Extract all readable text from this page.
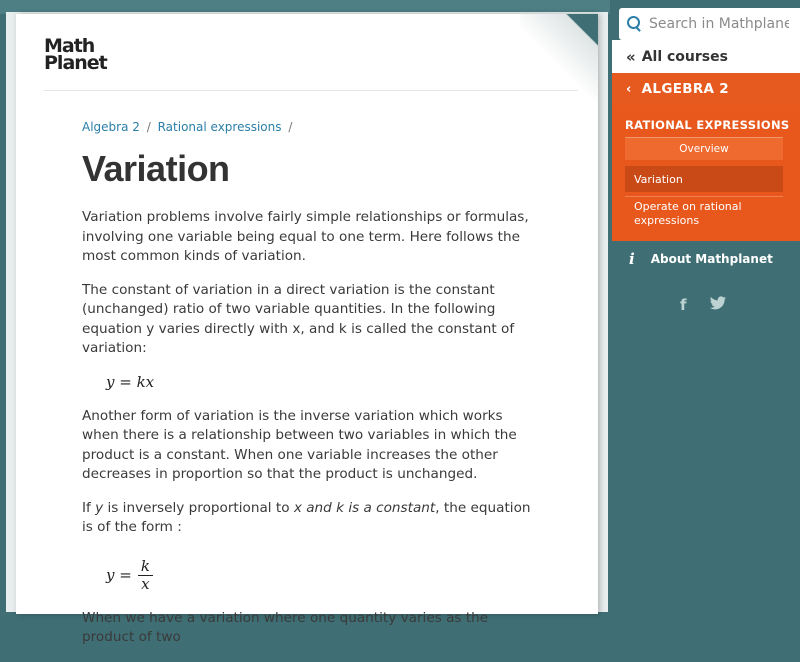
Math
Planet
Algebra 2 / Rational expressions /
Variation

Variation problems involve fairly simple relationships or formulas, involving one variable being equal to one term. Here follows the most common kinds of variation.

The constant of variation in a direct variation is the constant (unchanged) ratio of two variable quantities. In the following equation y varies directly with x, and k is called the constant of variation:

y = kx

Another form of variation is the inverse variation which works when there is a relationship between two variables in which the product is a constant. When one variable increases the other decreases in proportion so that the product is unchanged.

If y is inversely proportional to x and k is a constant, the equation is of the form :

$y = \frac{k}{x}$

When we have a variation where one quantity varies as the product of two

Search in Mathplanet
« All courses
‹ ALGEBRA 2
RATIONAL EXPRESSIONS
Overview
Variation
Operate on rational expressions
i About Mathplanet
f
